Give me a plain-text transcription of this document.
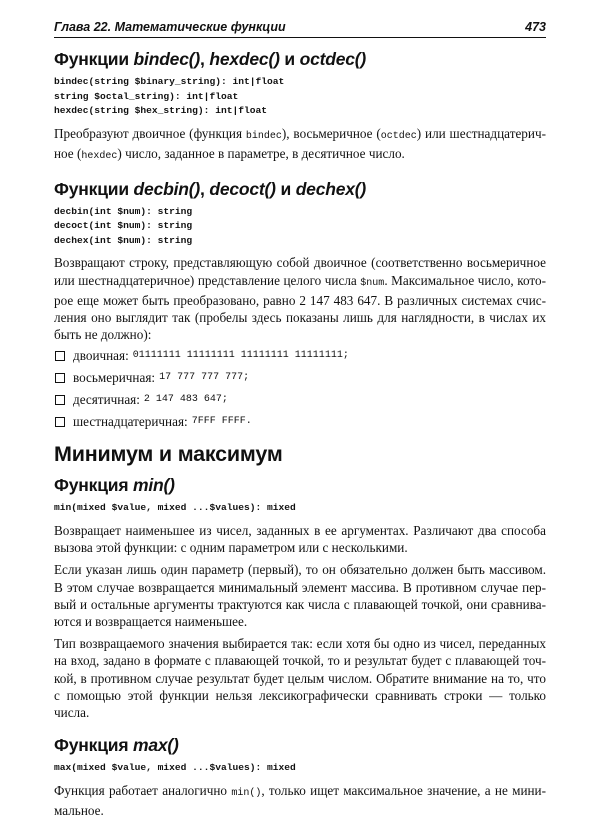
Глава 22. Математические функции	473
Функции bindec(), hexdec() и octdec()
bindec(string $binary_string): int|float
string $octal_string): int|float
hexdec(string $hex_string): int|float

Преобразуют двоичное (функция bindec), восьмеричное (octdec) или шестнадцатерич-ное (hexdec) число, заданное в параметре, в десятичное число.

Функции decbin(), decoct() и dechex()
decbin(int $num): string
decoct(int $num): string
dechex(int $num): string

Возвращают строку, представляющую собой двоичное (соответственно восьмеричное или шестнадцатеричное) представление целого числа $num. Максимальное число, кото-рое еще может быть преобразовано, равно 2 147 483 647. В различных системах счис-ления оно выглядит так (пробелы здесь показаны лишь для наглядности, в числах их быть не должно):

двоичная: 01111111 11111111 11111111 11111111;
восьмеричная: 17 777 777 777;
десятичная: 2 147 483 647;
шестнадцатеричная: 7FFF FFFF.
Минимум и максимум
Функция min()
min(mixed $value, mixed ...$values): mixed

Возвращает наименьшее из чисел, заданных в ее аргументах. Различают два способа вызова этой функции: с одним параметром или с несколькими.

Если указан лишь один параметр (первый), то он обязательно должен быть массивом. В этом случае возвращается минимальный элемент массива. В противном случае пер-вый и остальные аргументы трактуются как числа с плавающей точкой, они сравнива-ются и возвращается наименьшее.

Тип возвращаемого значения выбирается так: если хотя бы одно из чисел, переданных на вход, задано в формате с плавающей точкой, то и результат будет с плавающей точ-кой, в противном случае результат будет целым числом. Обратите внимание на то, что с помощью этой функции нельзя лексикографически сравнивать строки — только числа.

Функция max()
max(mixed $value, mixed ...$values): mixed

Функция работает аналогично min(), только ищет максимальное значение, а не мини-мальное.
